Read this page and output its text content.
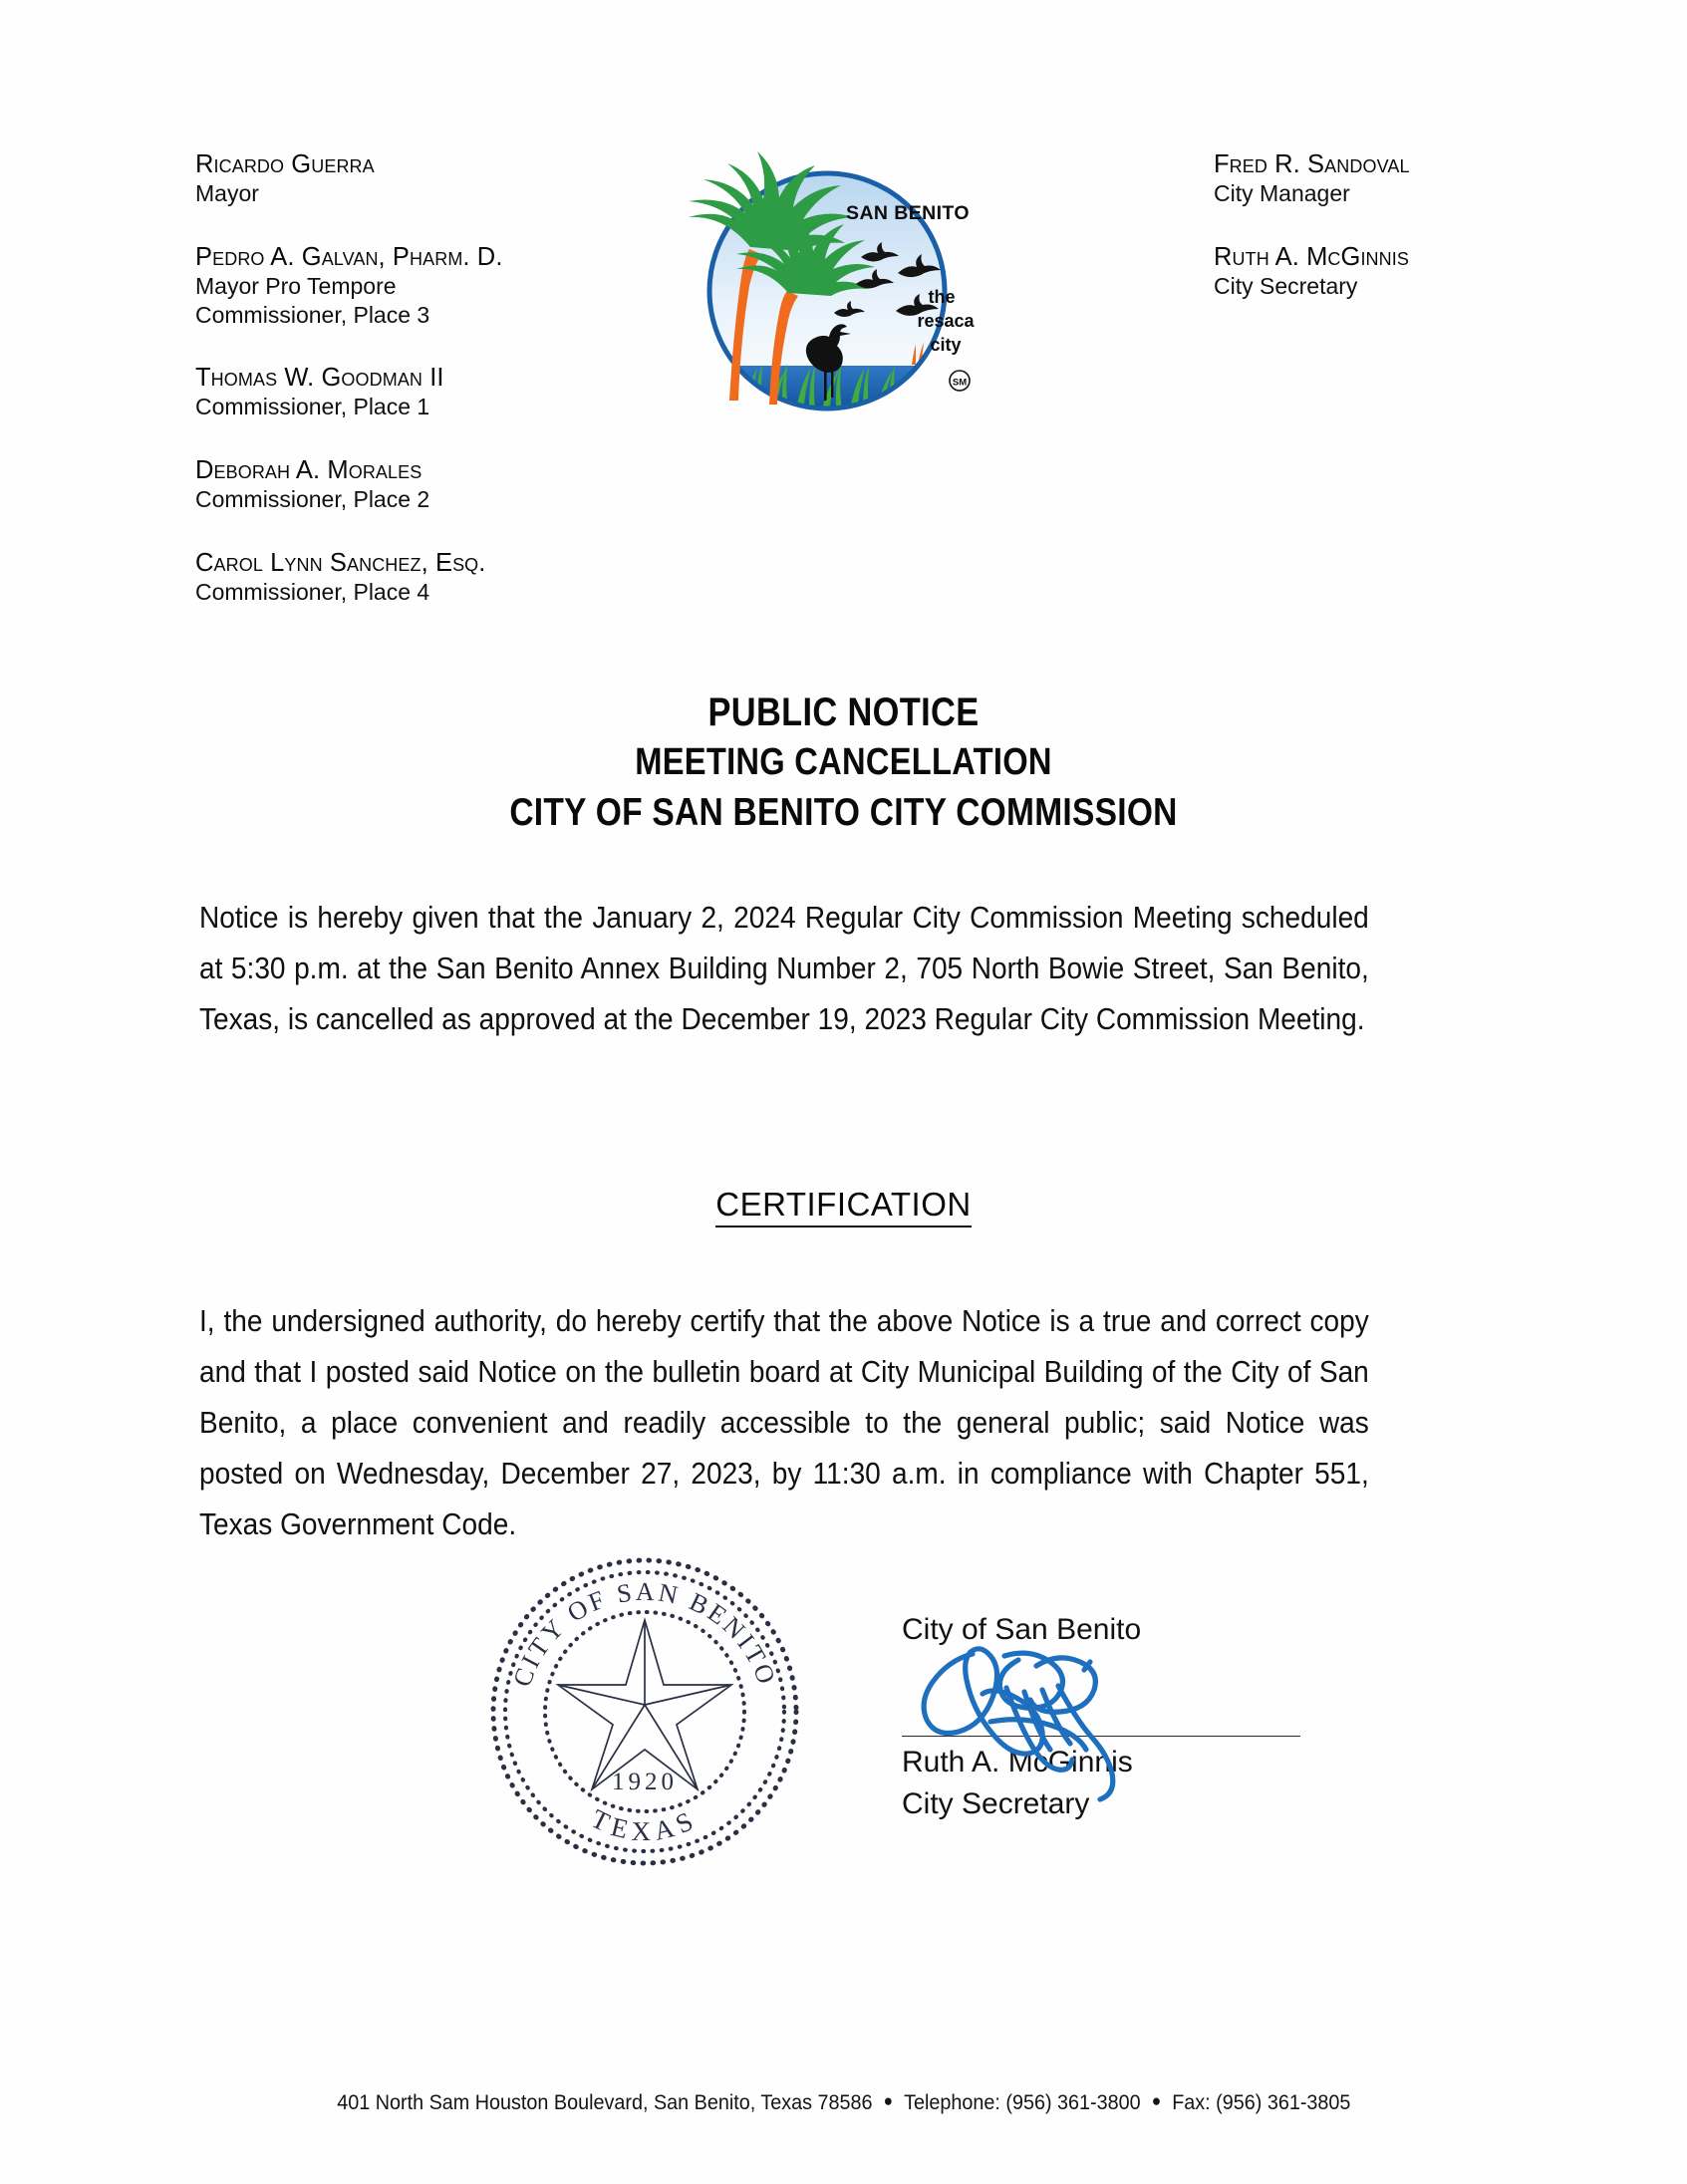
Ricardo Guerra
Mayor
Pedro A. Galvan, Pharm. D.
Mayor Pro Tempore
Commissioner, Place 3
Thomas W. Goodman II
Commissioner, Place 1
Deborah A. Morales
Commissioner, Place 2
Carol Lynn Sanchez, Esq.
Commissioner, Place 4
Fred R. Sandoval
City Manager
Ruth A. McGinnis
City Secretary
SAN BENITO
the
resaca
city
SM
PUBLIC NOTICE
MEETING CANCELLATION
CITY OF SAN BENITO CITY COMMISSION
Notice is hereby given that the January 2, 2024 Regular City Commission Meeting scheduled at 5:30 p.m. at the San Benito Annex Building Number 2, 705 North Bowie Street, San Benito, Texas, is cancelled as approved at the December 19, 2023 Regular City Commission Meeting.
CERTIFICATION
I, the undersigned authority, do hereby certify that the above Notice is a true and correct copy and that I posted said Notice on the bulletin board at City Municipal Building of the City of San Benito, a place convenient and readily accessible to the general public; said Notice was posted on Wednesday, December 27, 2023, by 11:30 a.m. in compliance with Chapter 551, Texas Government Code.
CITY OF SAN BENITO
TEXAS
1920
City of San Benito
Ruth A. McGinnis
City Secretary
401 North Sam Houston Boulevard, San Benito, Texas 78586 ● Telephone: (956) 361-3800 ● Fax: (956) 361-3805
